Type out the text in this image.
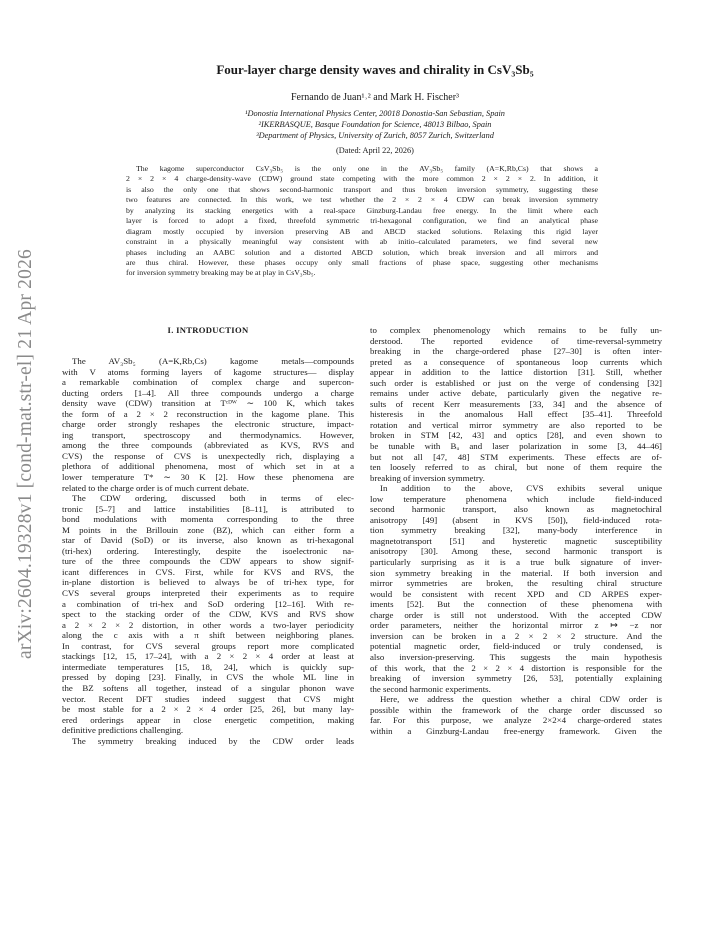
arXiv:2604.19328v1 [cond-mat.str-el] 21 Apr 2026
Four-layer charge density waves and chirality in CsV₃Sb₅
Fernando de Juan¹˒² and Mark H. Fischer³
¹Donostia International Physics Center, 20018 Donostia-San Sebastian, Spain
²IKERBASQUE, Basque Foundation for Science, 48013 Bilbao, Spain
³Department of Physics, University of Zurich, 8057 Zurich, Switzerland
(Dated: April 22, 2026)
The kagome superconductor CsV₃Sb₅ is the only one in the AV₃Sb₅ family (A=K,Rb,Cs) that shows a
2 × 2 × 4 charge-density-wave (CDW) ground state competing with the more common 2 × 2 × 2. In addition, it
is also the only one that shows second-harmonic transport and thus broken inversion symmetry, suggesting these
two features are connected. In this work, we test whether the 2 × 2 × 4 CDW can break inversion symmetry
by analyzing its stacking energetics with a real-space Ginzburg-Landau free energy. In the limit where each
layer is forced to adopt a fixed, threefold symmetric tri-hexagonal configuration, we find an analytical phase
diagram mostly occupied by inversion preserving AB and ABCD stacked solutions. Relaxing this rigid layer
constraint in a physically meaningful way consistent with ab initio–calculated parameters, we find several new
phases including an AABC solution and a distorted ABCD solution, which break inversion and all mirrors and
are thus chiral. However, these phases occupy only small fractions of phase space, suggesting other mechanisms
for inversion symmetry breaking may be at play in CsV₃Sb₅.
I. INTRODUCTION
The AV₃Sb₅ (A=K,Rb,Cs) kagome metals—compounds
with V atoms forming layers of kagome structures— display
a remarkable combination of complex charge and supercon-
ducting orders [1–4]. All three compounds undergo a charge
density wave (CDW) transition at Tᶜᴰᵂ ∼ 100 K, which takes
the form of a 2 × 2 reconstruction in the kagome plane. This
charge order strongly reshapes the electronic structure, impact-
ing transport, spectroscopy and thermodynamics. However,
among the three compounds (abbreviated as KVS, RVS and
CVS) the response of CVS is unexpectedly rich, displaying a
plethora of additional phenomena, most of which set in at a
lower temperature T* ∼ 30 K [2]. How these phenomena are
related to the charge order is of much current debate.
The CDW ordering, discussed both in terms of elec-
tronic [5–7] and lattice instabilities [8–11], is attributed to
bond modulations with momenta corresponding to the three
M points in the Brillouin zone (BZ), which can either form a
star of David (SoD) or its inverse, also known as tri-hexagonal
(tri-hex) ordering. Interestingly, despite the isoelectronic na-
ture of the three compounds the CDW appears to show signif-
icant differences in CVS. First, while for KVS and RVS, the
in-plane distortion is believed to always be of tri-hex type, for
CVS several groups interpreted their experiments as to require
a combination of tri-hex and SoD ordering [12–16]. With re-
spect to the stacking order of the CDW, KVS and RVS show
a 2 × 2 × 2 distortion, in other words a two-layer periodicity
along the c axis with a π shift between neighboring planes.
In contrast, for CVS several groups report more complicated
stackings [12, 15, 17–24], with a 2 × 2 × 4 order at least at
intermediate temperatures [15, 18, 24], which is quickly sup-
pressed by doping [23]. Finally, in CVS the whole ML line in
the BZ softens all together, instead of a singular phonon wave
vector. Recent DFT studies indeed suggest that CVS might
be most stable for a 2 × 2 × 4 order [25, 26], but many lay-
ered orderings appear in close energetic competition, making
definitive predictions challenging.
The symmetry breaking induced by the CDW order leads
to complex phenomenology which remains to be fully un-
derstood. The reported evidence of time-reversal-symmetry
breaking in the charge-ordered phase [27–30] is often inter-
preted as a consequence of spontaneous loop currents which
appear in addition to the lattice distortion [31]. Still, whether
such order is established or just on the verge of condensing [32]
remains under active debate, particularly given the negative re-
sults of recent Kerr measurements [33, 34] and the absence of
histeresis in the anomalous Hall effect [35–41]. Threefold
rotation and vertical mirror symmetry are also reported to be
broken in STM [42, 43] and optics [28], and even shown to
be tunable with Bᵤ and laser polarization in some [3, 44–46]
but not all [47, 48] STM experiments. These effects are of-
ten loosely referred to as chiral, but none of them require the
breaking of inversion symmetry.
In addition to the above, CVS exhibits several unique
low temperature phenomena which include field-induced
second harmonic transport, also known as magnetochiral
anisotropy [49] (absent in KVS [50]), field-induced rota-
tion symmetry breaking [32], many-body interference in
magnetotransport [51] and hysteretic magnetic susceptibility
anisotropy [30]. Among these, second harmonic transport is
particularly surprising as it is a true bulk signature of inver-
sion symmetry breaking in the material. If both inversion and
mirror symmetries are broken, the resulting chiral structure
would be consistent with recent XPD and CD ARPES exper-
iments [52]. But the connection of these phenomena with
charge order is still not understood. With the accepted CDW
order parameters, neither the horizontal mirror z ↦ −z nor
inversion can be broken in a 2 × 2 × 2 structure. And the
potential magnetic order, field-induced or truly condensed, is
also inversion-preserving. This suggests the main hypothesis
of this work, that the 2 × 2 × 4 distortion is responsible for the
breaking of inversion symmetry [26, 53], potentially explaining
the second harmonic experiments.
Here, we address the question whether a chiral CDW order is
possible within the framework of the charge order discussed so
far. For this purpose, we analyze 2×2×4 charge-ordered states
within a Ginzburg-Landau free-energy framework. Given the
